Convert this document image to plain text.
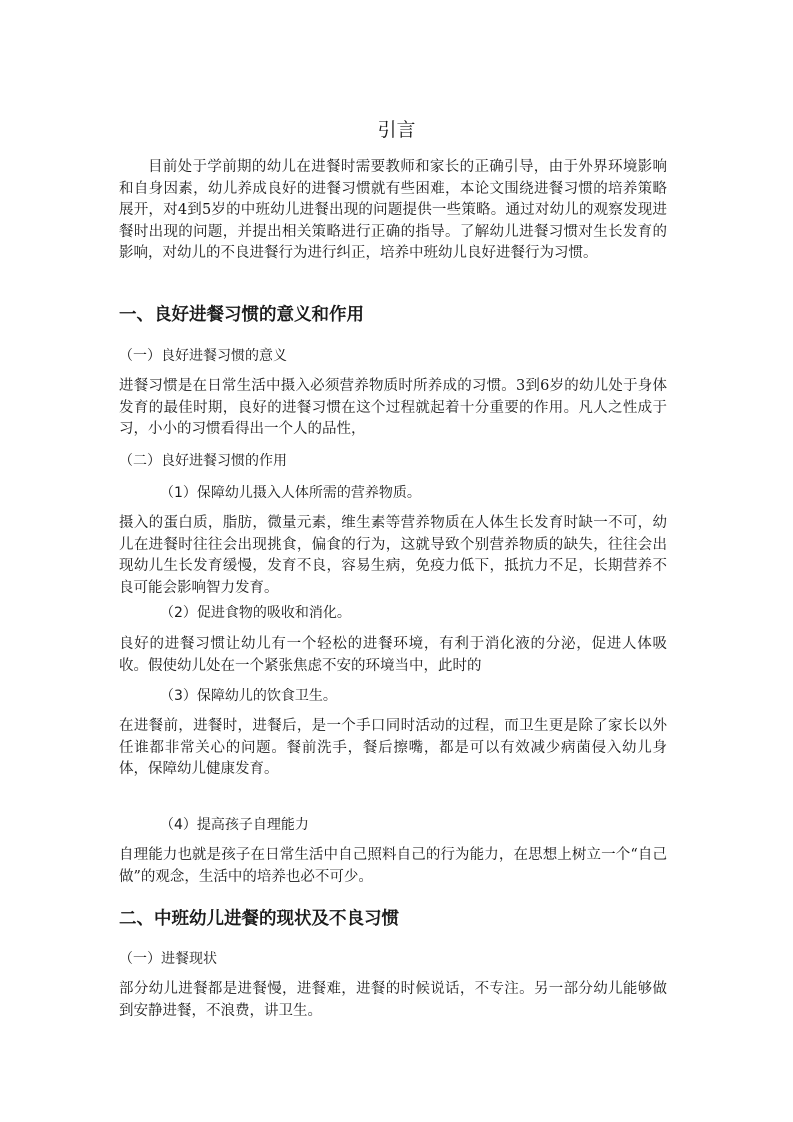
引言

目前处于学前期的幼儿在进餐时需要教师和家长的正确引导，由于外界环境影响和自身因素，幼儿养成良好的进餐习惯就有些困难，本论文围绕进餐习惯的培养策略展开，对4到5岁的中班幼儿进餐出现的问题提供一些策略。通过对幼儿的观察发现进餐时出现的问题，并提出相关策略进行正确的指导。了解幼儿进餐习惯对生长发育的影响，对幼儿的不良进餐行为进行纠正，培养中班幼儿良好进餐行为习惯。

一、良好进餐习惯的意义和作用
（一）良好进餐习惯的意义

进餐习惯是在日常生活中摄入必须营养物质时所养成的习惯。3到6岁的幼儿处于身体发育的最佳时期，良好的进餐习惯在这个过程就起着十分重要的作用。凡人之性成于习，小小的习惯看得出一个人的品性，

（二）良好进餐习惯的作用
（1）保障幼儿摄入人体所需的营养物质。

摄入的蛋白质，脂肪，微量元素，维生素等营养物质在人体生长发育时缺一不可，幼儿在进餐时往往会出现挑食，偏食的行为，这就导致个别营养物质的缺失，往往会出现幼儿生长发育缓慢，发育不良，容易生病，免疫力低下，抵抗力不足，长期营养不良可能会影响智力发育。

（2）促进食物的吸收和消化。

良好的进餐习惯让幼儿有一个轻松的进餐环境，有利于消化液的分泌，促进人体吸收。假使幼儿处在一个紧张焦虑不安的环境当中，此时的

（3）保障幼儿的饮食卫生。

在进餐前，进餐时，进餐后，是一个手口同时活动的过程，而卫生更是除了家长以外任谁都非常关心的问题。餐前洗手，餐后擦嘴，都是可以有效减少病菌侵入幼儿身体，保障幼儿健康发育。

（4）提高孩子自理能力

自理能力也就是孩子在日常生活中自己照料自己的行为能力，在思想上树立一个“自己做”的观念，生活中的培养也必不可少。

二、中班幼儿进餐的现状及不良习惯
（一）进餐现状

部分幼儿进餐都是进餐慢，进餐难，进餐的时候说话，不专注。另一部分幼儿能够做到安静进餐，不浪费，讲卫生。
